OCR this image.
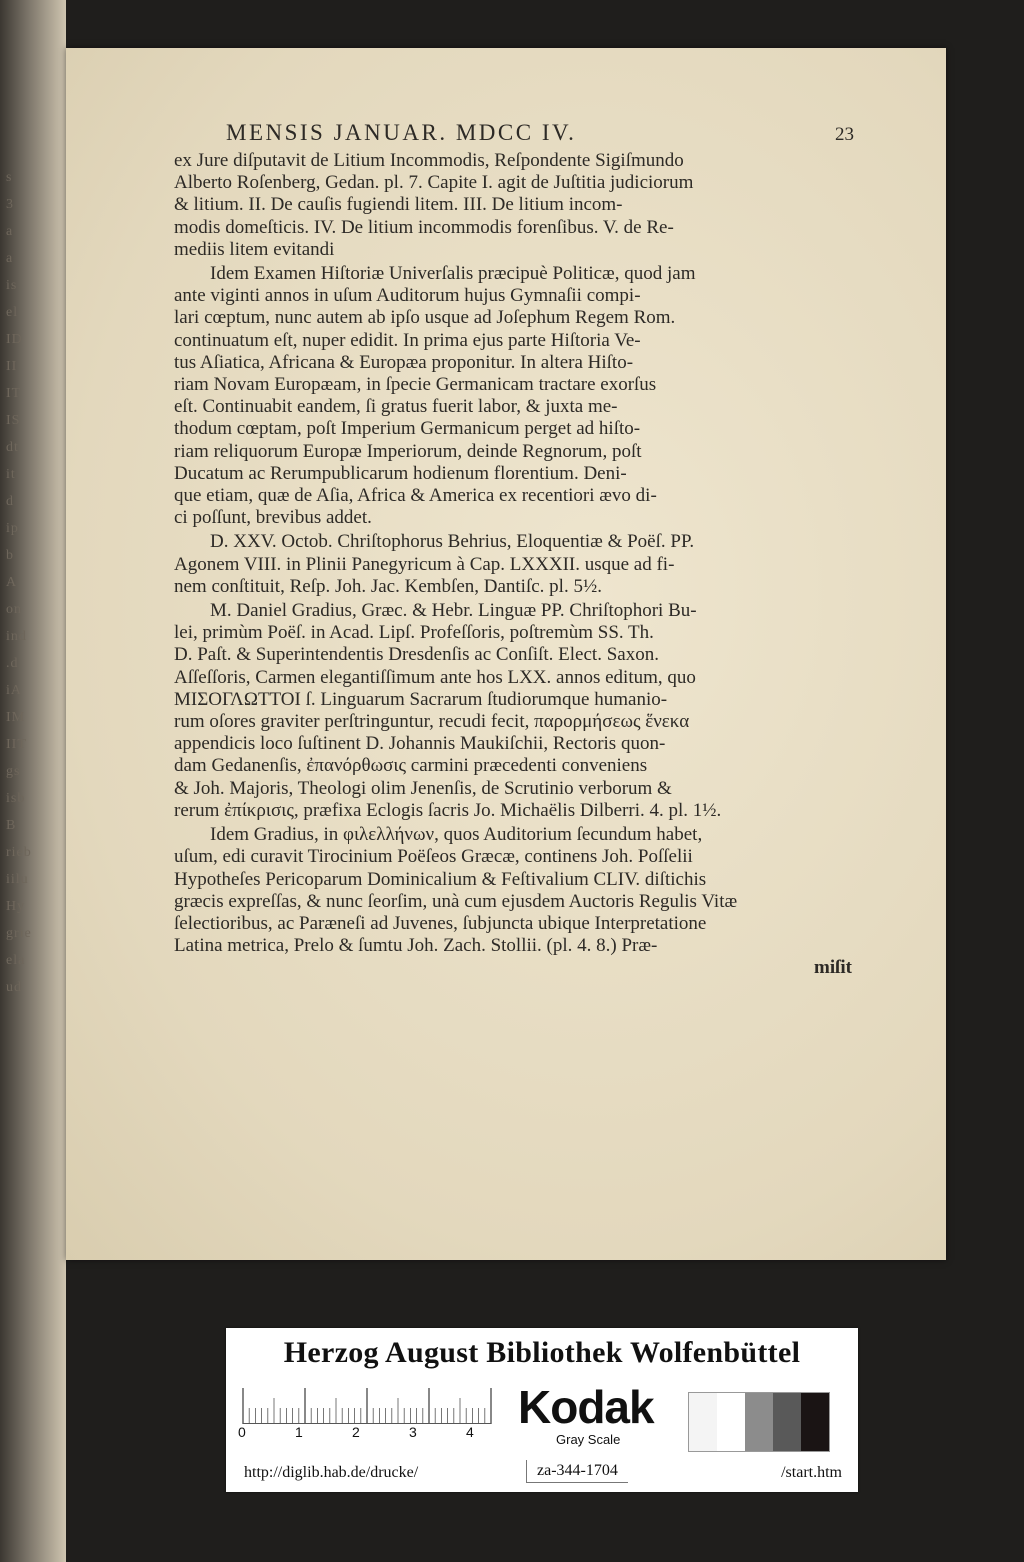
s
3
a
a
is
el
ID
II
IT
IS
dt
it
d
ip
b
A
on
ind
.d
iA
IM
IIT
gs
isb
B
rieb
iilu
Hy
grie
ela
ud
MENSIS JANUAR. MDCC IV.	23
ex Jure diſputavit de Litium Incommodis, Reſpondente Sigiſmundo
Alberto Roſenberg, Gedan. pl. 7. Capite I. agit de Juſtitia judiciorum
& litium. II. De cauſis fugiendi litem. III. De litium incom-
modis domeſticis. IV. De litium incommodis forenſibus. V. de Re-
mediis litem evitandi
Idem Examen Hiſtoriæ Univerſalis præcipuè Politicæ, quod jam
ante viginti annos in uſum Auditorum hujus Gymnaſii compi-
lari cœptum, nunc autem ab ipſo usque ad Joſephum Regem Rom.
continuatum eſt, nuper edidit. In prima ejus parte Hiſtoria Ve-
tus Aſiatica, Africana & Europæa proponitur. In altera Hiſto-
riam Novam Europæam, in ſpecie Germanicam tractare exorſus
eſt. Continuabit eandem, ſi gratus fuerit labor, & juxta me-
thodum cœptam, poſt Imperium Germanicum perget ad hiſto-
riam reliquorum Europæ Imperiorum, deinde Regnorum, poſt
Ducatum ac Rerumpublicarum hodienum florentium. Deni-
que etiam, quæ de Aſia, Africa & America ex recentiori ævo di-
ci poſſunt, brevibus addet.
D. XXV. Octob. Chriſtophorus Behrius, Eloquentiæ & Poëſ. PP.
Agonem VIII. in Plinii Panegyricum à Cap. LXXXII. usque ad fi-
nem conſtituit, Reſp. Joh. Jac. Kembſen, Dantiſc. pl. 5½.
M. Daniel Gradius, Græc. & Hebr. Linguæ PP. Chriſtophori Bu-
lei, primùm Poëſ. in Acad. Lipſ. Profeſſoris, poſtremùm SS. Th.
D. Paſt. & Superintendentis Dresdenſis ac Conſiſt. Elect. Saxon.
Aſſeſſoris, Carmen elegantiſſimum ante hos LXX. annos editum, quo
ΜΙΣΟΓΛΩΤΤΟΙ ſ. Linguarum Sacrarum ſtudiorumque humanio-
rum oſores graviter perſtringuntur, recudi fecit, παρορμήσεως ἕνεκα
appendicis loco ſuſtinent D. Johannis Maukiſchii, Rectoris quon-
dam Gedanenſis, ἐπανόρθωσις carmini præcedenti conveniens
& Joh. Majoris, Theologi olim Jenenſis, de Scrutinio verborum &
rerum ἐπίκρισις, præfixa Eclogis ſacris Jo. Michaëlis Dilberri. 4. pl. 1½.
Idem Gradius, in φιλελλήνων, quos Auditorium ſecundum habet,
uſum, edi curavit Tirocinium Poëſeos Græcæ, continens Joh. Poſſelii
Hypotheſes Pericoparum Dominicalium & Feſtivalium CLIV. diſtichis
græcis expreſſas, & nunc ſeorſim, unà cum ejusdem Auctoris Regulis Vitæ
ſelectioribus, ac Paræneſi ad Juvenes, ſubjuncta ubique Interpretatione
Latina metrica, Prelo & ſumtu Joh. Zach. Stollii. (pl. 4. 8.) Præ-
miſit
Herzog August Bibliothek Wolfenbüttel
0	1	2	3	4 Kodak
Gray Scale
http://diglib.hab.de/drucke/	za-344-1704	/start.htm
